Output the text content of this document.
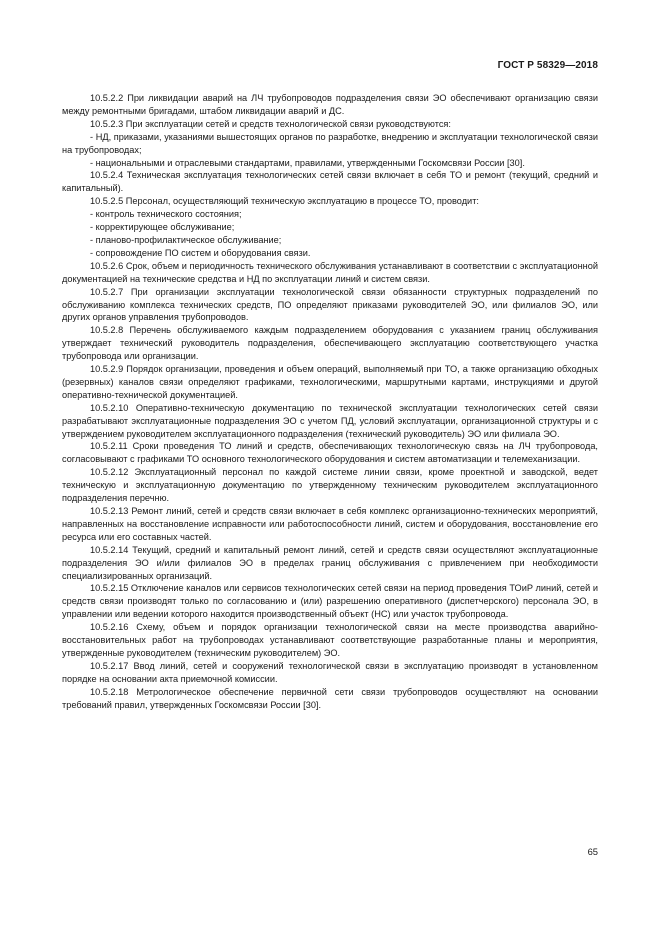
ГОСТ Р 58329—2018

10.5.2.2 При ликвидации аварий на ЛЧ трубопроводов подразделения связи ЭО обеспечивают организацию связи между ремонтными бригадами, штабом ликвидации аварий и ДС.

10.5.2.3 При эксплуатации сетей и средств технологической связи руководствуются:

- НД, приказами, указаниями вышестоящих органов по разработке, внедрению и эксплуатации технологической связи на трубопроводах;

- национальными и отраслевыми стандартами, правилами, утвержденными Госкомсвязи России [30].

10.5.2.4 Техническая эксплуатация технологических сетей связи включает в себя ТО и ремонт (текущий, средний и капитальный).

10.5.2.5 Персонал, осуществляющий техническую эксплуатацию в процессе ТО, проводит:

- контроль технического состояния;

- корректирующее обслуживание;

- планово-профилактическое обслуживание;

- сопровождение ПО систем и оборудования связи.

10.5.2.6 Срок, объем и периодичность технического обслуживания устанавливают в соответствии с эксплуатационной документацией на технические средства и НД по эксплуатации линий и систем связи.

10.5.2.7 При организации эксплуатации технологической связи обязанности структурных подразделений по обслуживанию комплекса технических средств, ПО определяют приказами руководителей ЭО, или филиалов ЭО, или других органов управления трубопроводов.

10.5.2.8 Перечень обслуживаемого каждым подразделением оборудования с указанием границ обслуживания утверждает технический руководитель подразделения, обеспечивающего эксплуатацию соответствующего участка трубопровода или организации.

10.5.2.9 Порядок организации, проведения и объем операций, выполняемый при ТО, а также организацию обходных (резервных) каналов связи определяют графиками, технологическими, маршрутными картами, инструкциями и другой оперативно-технической документацией.

10.5.2.10 Оперативно-техническую документацию по технической эксплуатации технологических сетей связи разрабатывают эксплуатационные подразделения ЭО с учетом ПД, условий эксплуатации, организационной структуры и с утверждением руководителем эксплуатационного подразделения (технический руководитель) ЭО или филиала ЭО.

10.5.2.11 Сроки проведения ТО линий и средств, обеспечивающих технологическую связь на ЛЧ трубопровода, согласовывают с графиками ТО основного технологического оборудования и систем автоматизации и телемеханизации.

10.5.2.12 Эксплуатационный персонал по каждой системе линии связи, кроме проектной и заводской, ведет техническую и эксплуатационную документацию по утвержденному техническим руководителем эксплуатационного подразделения перечню.

10.5.2.13 Ремонт линий, сетей и средств связи включает в себя комплекс организационно-технических мероприятий, направленных на восстановление исправности или работоспособности линий, систем и оборудования, восстановление его ресурса или его составных частей.

10.5.2.14 Текущий, средний и капитальный ремонт линий, сетей и средств связи осуществляют эксплуатационные подразделения ЭО и/или филиалов ЭО в пределах границ обслуживания с привлечением при необходимости специализированных организаций.

10.5.2.15 Отключение каналов или сервисов технологических сетей связи на период проведения ТОиР линий, сетей и средств связи производят только по согласованию и (или) разрешению оперативного (диспетчерского) персонала ЭО, в управлении или ведении которого находится производственный объект (НС) или участок трубопровода.

10.5.2.16 Схему, объем и порядок организации технологической связи на месте производства аварийно-восстановительных работ на трубопроводах устанавливают соответствующие разработанные планы и мероприятия, утвержденные руководителем (техническим руководителем) ЭО.

10.5.2.17 Ввод линий, сетей и сооружений технологической связи в эксплуатацию производят в установленном порядке на основании акта приемочной комиссии.

10.5.2.18 Метрологическое обеспечение первичной сети связи трубопроводов осуществляют на основании требований правил, утвержденных Госкомсвязи России [30].

65
